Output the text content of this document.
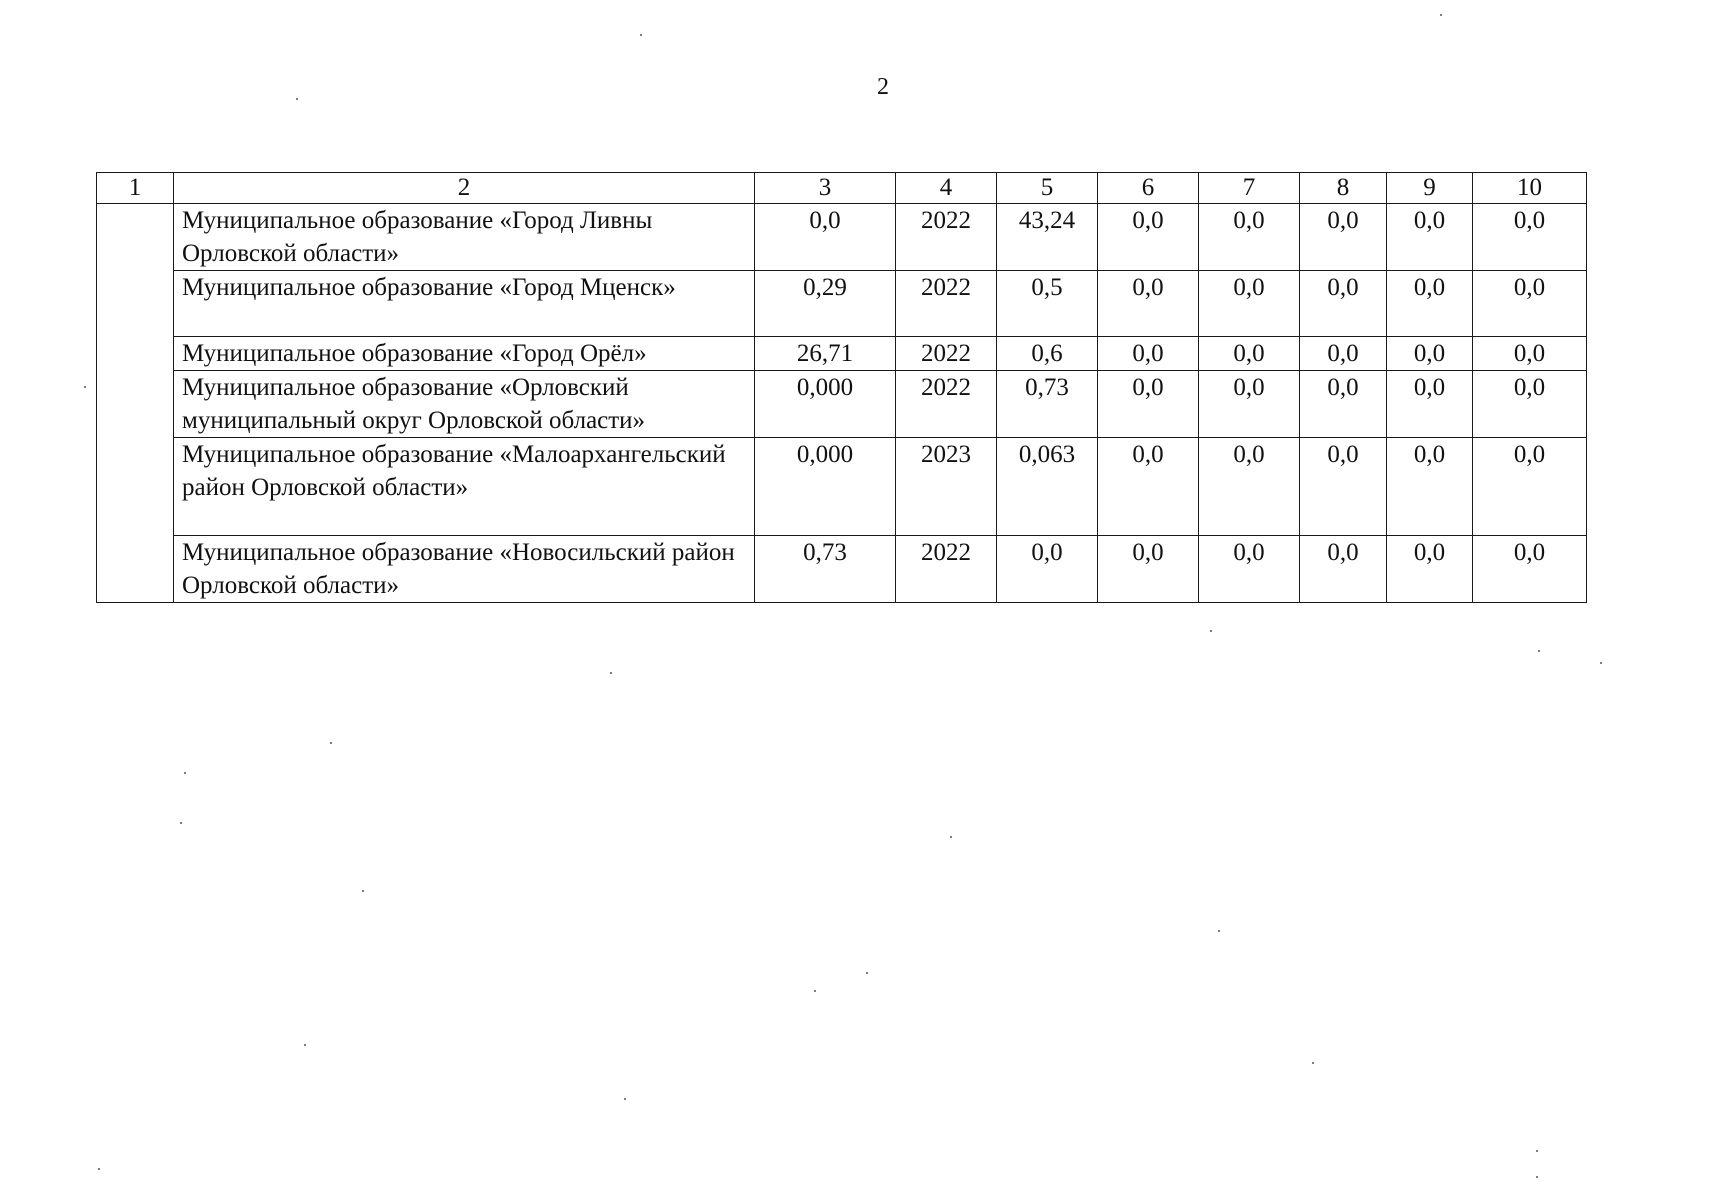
2
1	2	3	4	5	6	7	8	9	10
	Муниципальное образование «Город Ливны Орловской области»	0,0	2022	43,24	0,0	0,0	0,0	0,0	0,0
	Муниципальное образование «Город Мценск»	0,29	2022	0,5	0,0	0,0	0,0	0,0	0,0
	Муниципальное образование «Город Орёл»	26,71	2022	0,6	0,0	0,0	0,0	0,0	0,0
	Муниципальное образование «Орловский муниципальный округ Орловской области»	0,000	2022	0,73	0,0	0,0	0,0	0,0	0,0
	Муниципальное образование «Малоархангельский район Орловской области»	0,000	2023	0,063	0,0	0,0	0,0	0,0	0,0
	Муниципальное образование «Новосильский район Орловской области»	0,73	2022	0,0	0,0	0,0	0,0	0,0	0,0
